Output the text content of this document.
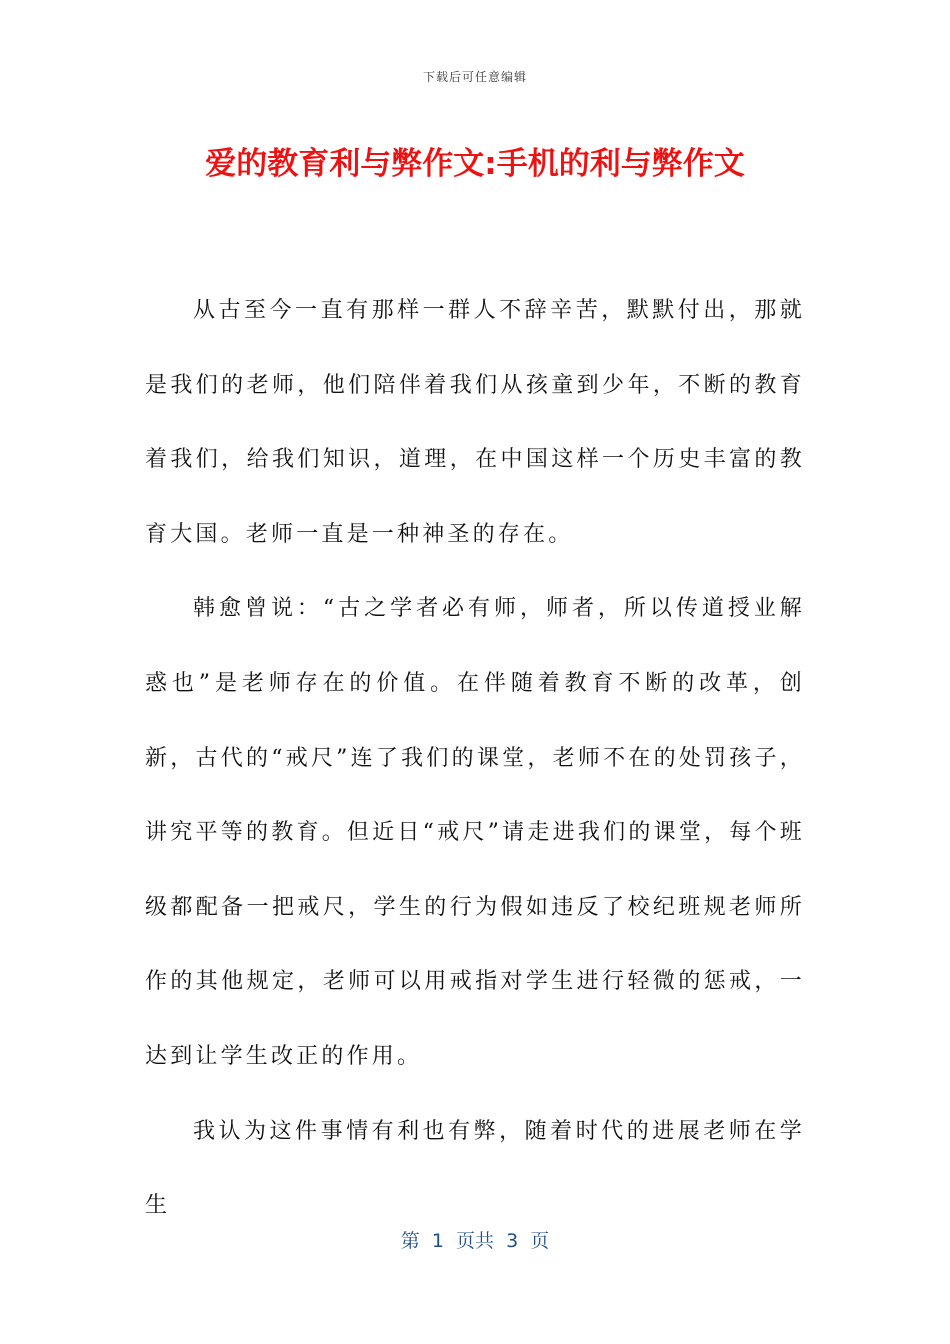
下载后可任意编辑
爱的教育利与弊作文:手机的利与弊作文

从古至今一直有那样一群人不辞辛苦，默默付出，那就是我们的老师，他们陪伴着我们从孩童到少年，不断的教育着我们，给我们知识，道理，在中国这样一个历史丰富的教育大国。老师一直是一种神圣的存在。

韩愈曾说：“古之学者必有师，师者，所以传道授业解惑也”是老师存在的价值。在伴随着教育不断的改革，创新，古代的“戒尺”连了我们的课堂，老师不在的处罚孩子，讲究平等的教育。但近日“戒尺”请走进我们的课堂，每个班级都配备一把戒尺，学生的行为假如违反了校纪班规老师所作的其他规定，老师可以用戒指对学生进行轻微的惩戒，一达到让学生改正的作用。

我认为这件事情有利也有弊，随着时代的进展老师在学生

第  1  页共  3  页
